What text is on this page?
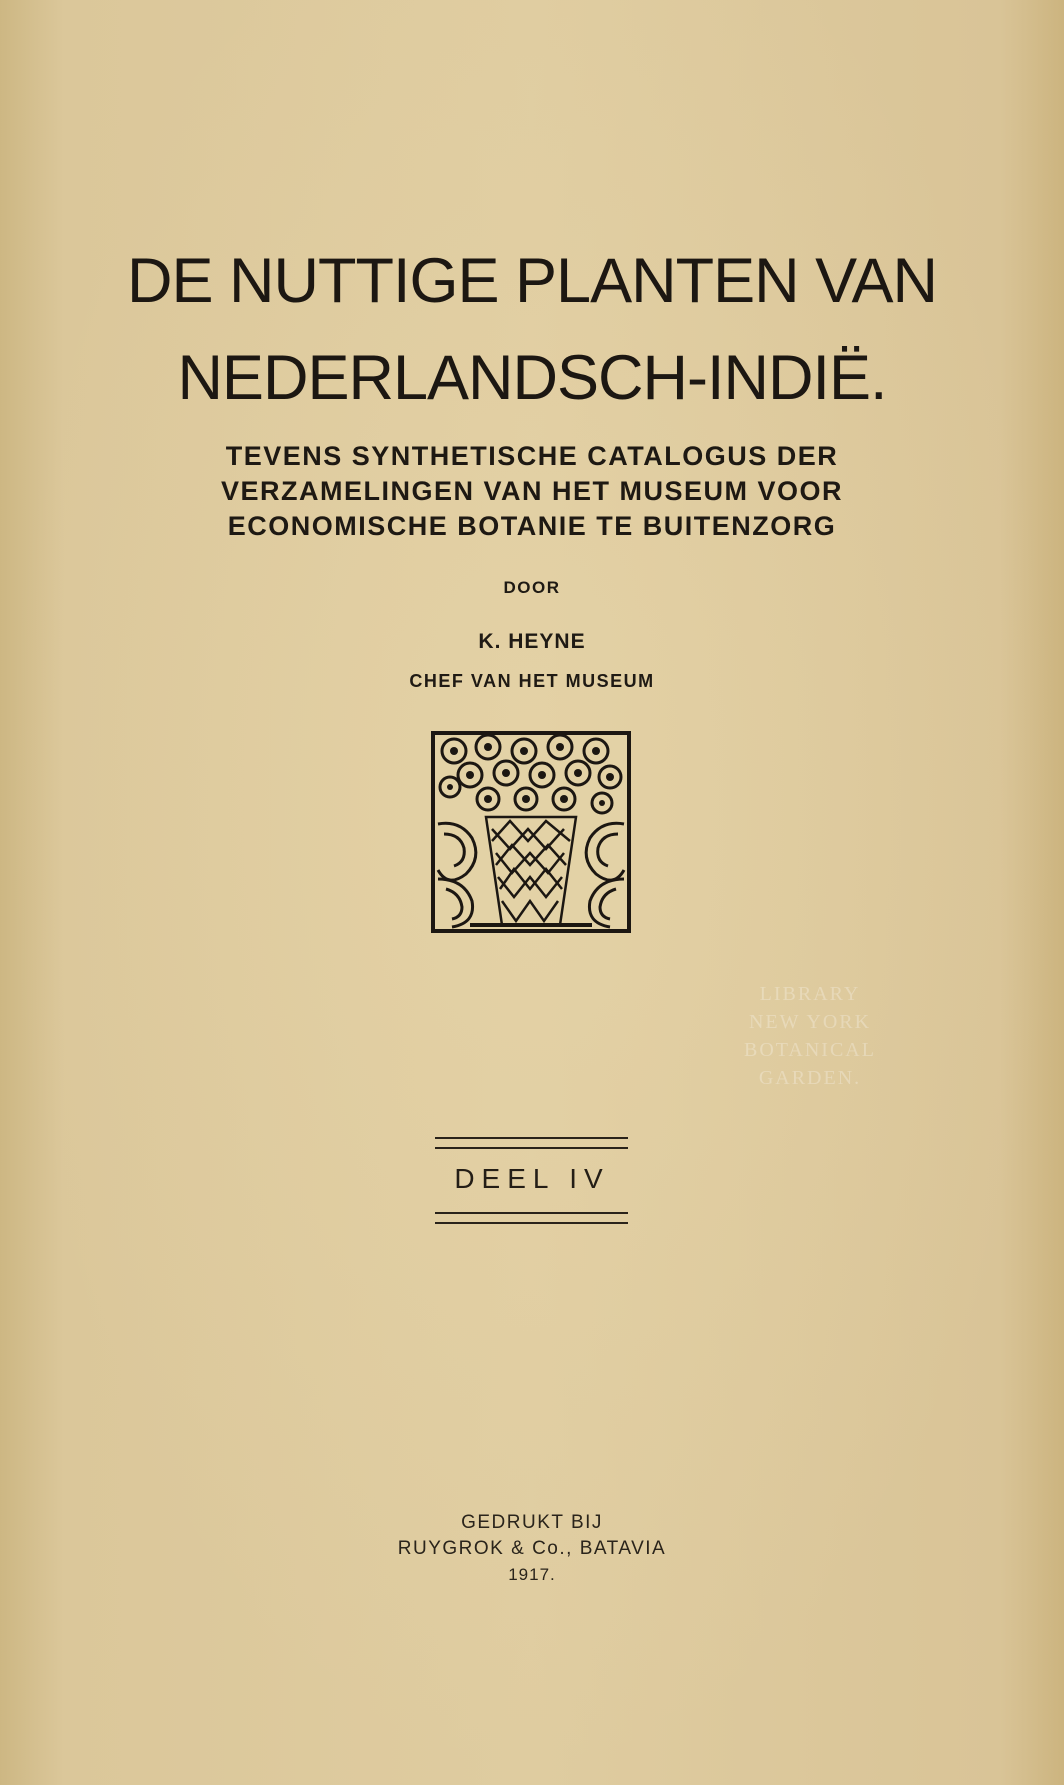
DE NUTTIGE PLANTEN VAN
NEDERLANDSCH-INDIË.
TEVENS SYNTHETISCHE CATALOGUS DER
VERZAMELINGEN VAN HET MUSEUM VOOR
ECONOMISCHE BOTANIE TE BUITENZORG
DOOR
K. HEYNE
CHEF VAN HET MUSEUM
DEEL IV
LIBRARY
NEW YORK
BOTANICAL
GARDEN.
GEDRUKT BIJ
RUYGROK & Co., BATAVIA
1917.
